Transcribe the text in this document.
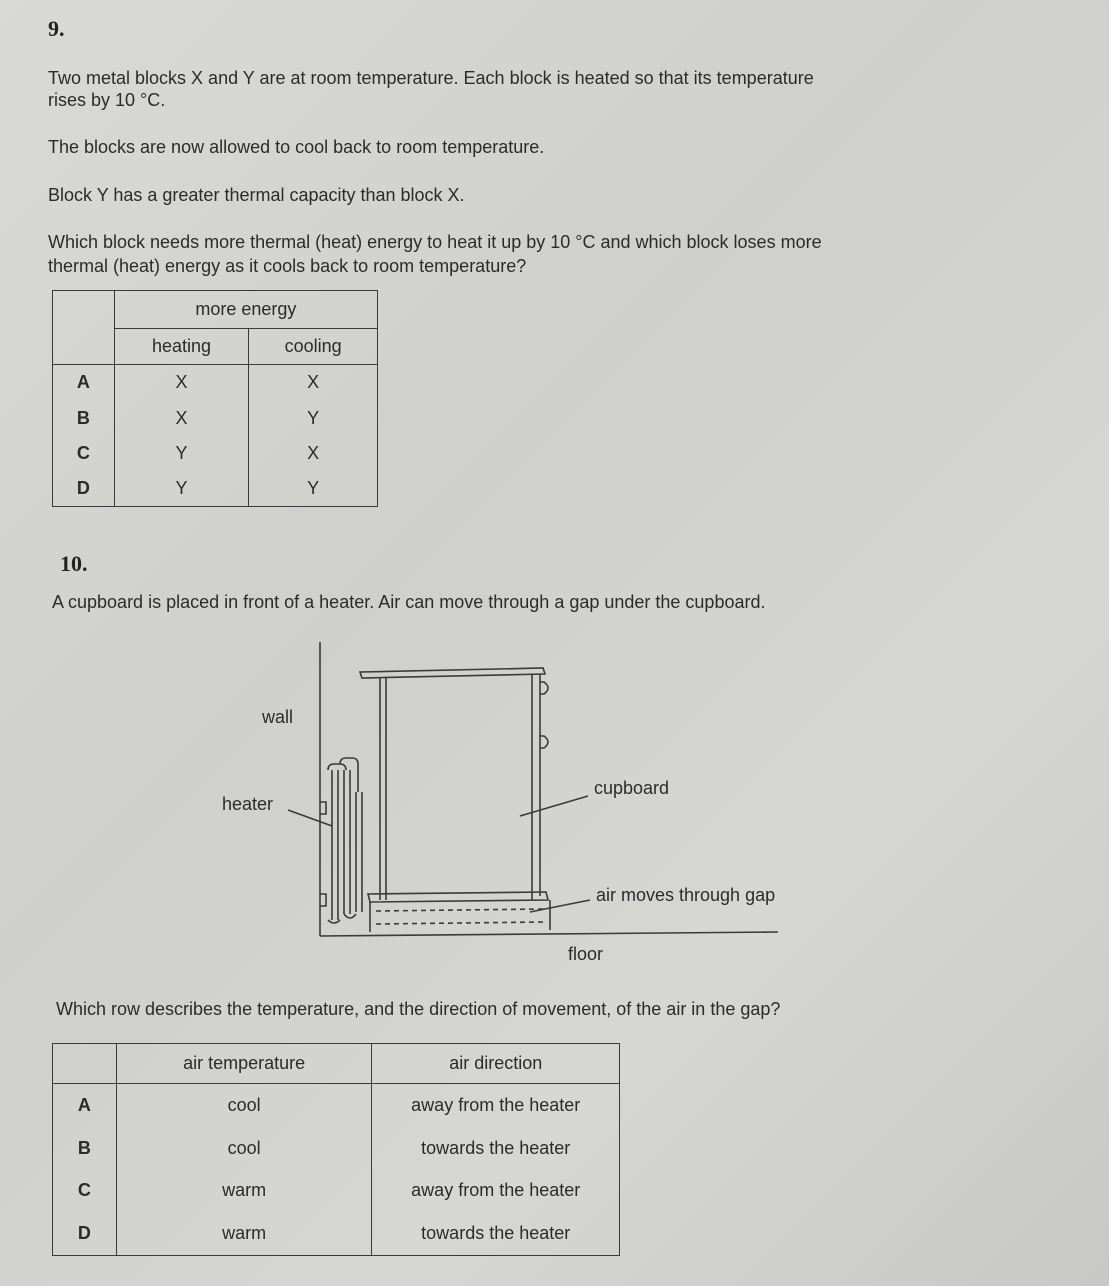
9.
Two metal blocks X and Y are at room temperature. Each block is heated so that its temperature
rises by 10 °C.
The blocks are now allowed to cool back to room temperature.
Block Y has a greater thermal capacity than block X.
Which block needs more thermal (heat) energy to heat it up by 10 °C and which block loses more
thermal (heat) energy as it cools back to room temperature?
	more energy	
	heating	cooling
A	X	X
B	X	Y
C	Y	X
D	Y	Y
10.
A cupboard is placed in front of a heater. Air can move through a gap under the cupboard.
wall
heater
cupboard
air moves through gap
floor
Which row describes the temperature, and the direction of movement, of the air in the gap?
	air temperature	air direction
A	cool	away from the heater
B	cool	towards the heater
C	warm	away from the heater
D	warm	towards the heater
